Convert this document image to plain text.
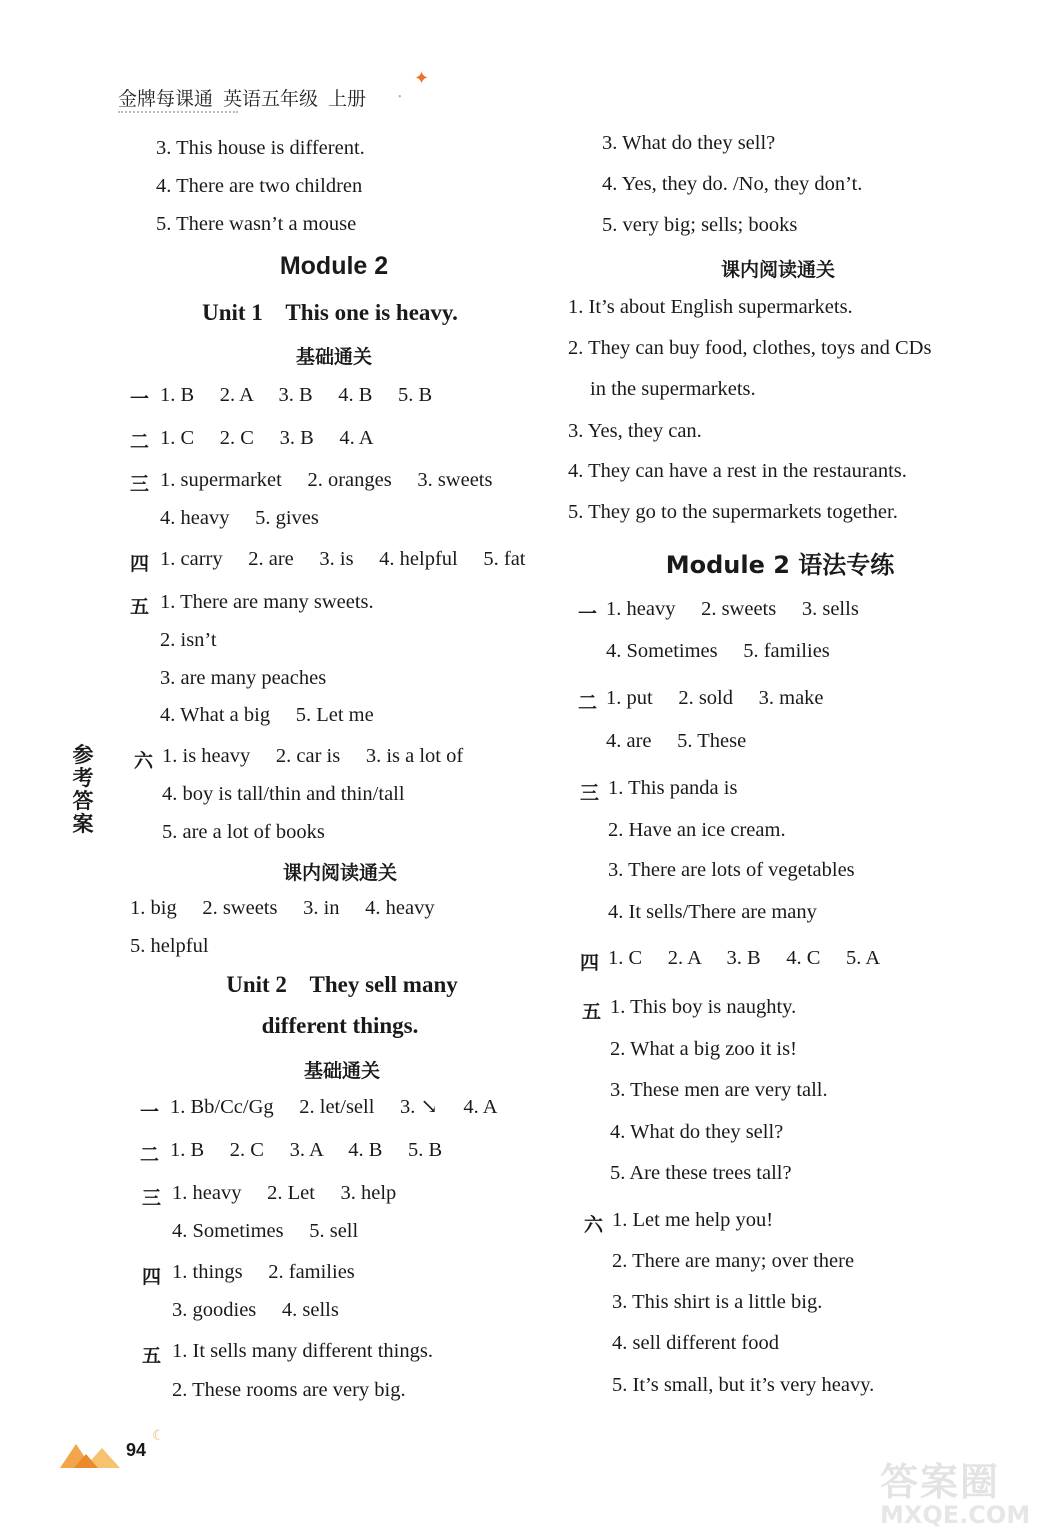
金牌每课通 英语五年级 上册
✦
•
参
考
答
案
3. This house is different.
4. There are two children
5. There wasn’t a mouse
Module 2
Unit 1    This one is heavy.
基础通关
一 1. B     2. A     3. B     4. B     5. B
二 1. C     2. C     3. B     4. A
三 1. supermarket     2. oranges     3. sweets
4. heavy     5. gives
四 1. carry     2. are     3. is     4. helpful     5. fat
五 1. There are many sweets.
2. isn’t
3. are many peaches
4. What a big     5. Let me
六 1. is heavy     2. car is     3. is a lot of
4. boy is tall/thin and thin/tall
5. are a lot of books
课内阅读通关
1. big     2. sweets     3. in     4. heavy
5. helpful
Unit 2    They sell many
different things.
基础通关
一 1. Bb/Cc/Gg     2. let/sell     3. ↘     4. A
二 1. B     2. C     3. A     4. B     5. B
三 1. heavy     2. Let     3. help
4. Sometimes     5. sell
四 1. things     2. families
3. goodies     4. sells
五 1. It sells many different things.
2. These rooms are very big.
3. What do they sell?
4. Yes, they do. /No, they don’t.
5. very big; sells; books
课内阅读通关
1. It’s about English supermarkets.
2. They can buy food, clothes, toys and CDs
in the supermarkets.
3. Yes, they can.
4. They can have a rest in the restaurants.
5. They go to the supermarkets together.
Module 2 语法专练
一 1. heavy     2. sweets     3. sells
4. Sometimes     5. families
二 1. put     2. sold     3. make
4. are     5. These
三 1. This panda is
2. Have an ice cream.
3. There are lots of vegetables
4. It sells/There are many
四 1. C     2. A     3. B     4. C     5. A
五 1. This boy is naughty.
2. What a big zoo it is!
3. These men are very tall.
4. What do they sell?
5. Are these trees tall?
六 1. Let me help you!
2. There are many; over there
3. This shirt is a little big.
4. sell different food
5. It’s small, but it’s very heavy.
94
☾
答案圈
MXQE.COM
